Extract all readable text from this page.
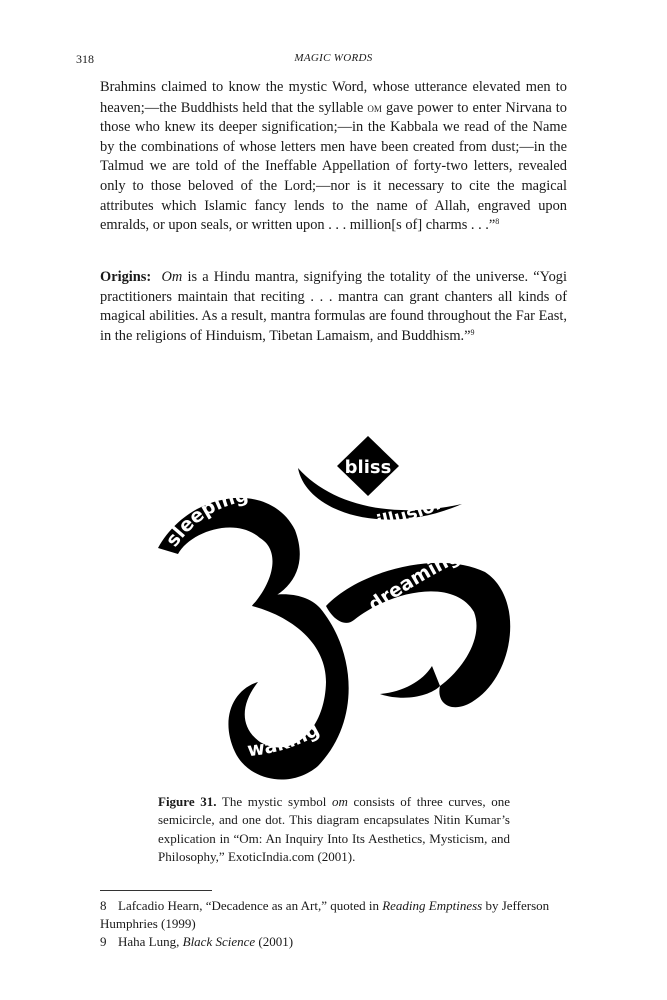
318	MAGIC WORDS

Brahmins claimed to know the mystic Word, whose utterance elevated men to heaven;—the Buddhists held that the syllable om gave power to enter Nirvana to those who knew its deeper signification;—in the Kabbala we read of the Name by the combinations of whose letters men have been created from dust;—in the Talmud we are told of the Ineffable Appellation of forty-two letters, revealed only to those beloved of the Lord;—nor is it necessary to cite the magical attributes which Islamic fancy lends to the name of Allah, engraved upon emralds, or upon seals, or written upon . . . million[s of] charms . . .”$^8$

Origins: Om is a Hindu mantra, signifying the totality of the universe. “Yogi practitioners maintain that reciting . . . mantra can grant chanters all kinds of magical abilities. As a result, mantra formulas are found throughout the Far East, in the religions of Hinduism, Tibetan Lamaism, and Buddhism.”$^9$

bliss
sleeping
illusion
dreaming
waking

Figure 31. The mystic symbol om consists of three curves, one semicircle, and one dot. This diagram encapsulates Nitin Kumar’s explication in “Om: An Inquiry Into Its Aesthetics, Mysticism, and Philosophy,” ExoticIndia.com (2001).

8 Lafcadio Hearn, “Decadence as an Art,” quoted in Reading Emptiness by Jefferson Humphries (1999)

9 Haha Lung, Black Science (2001)
